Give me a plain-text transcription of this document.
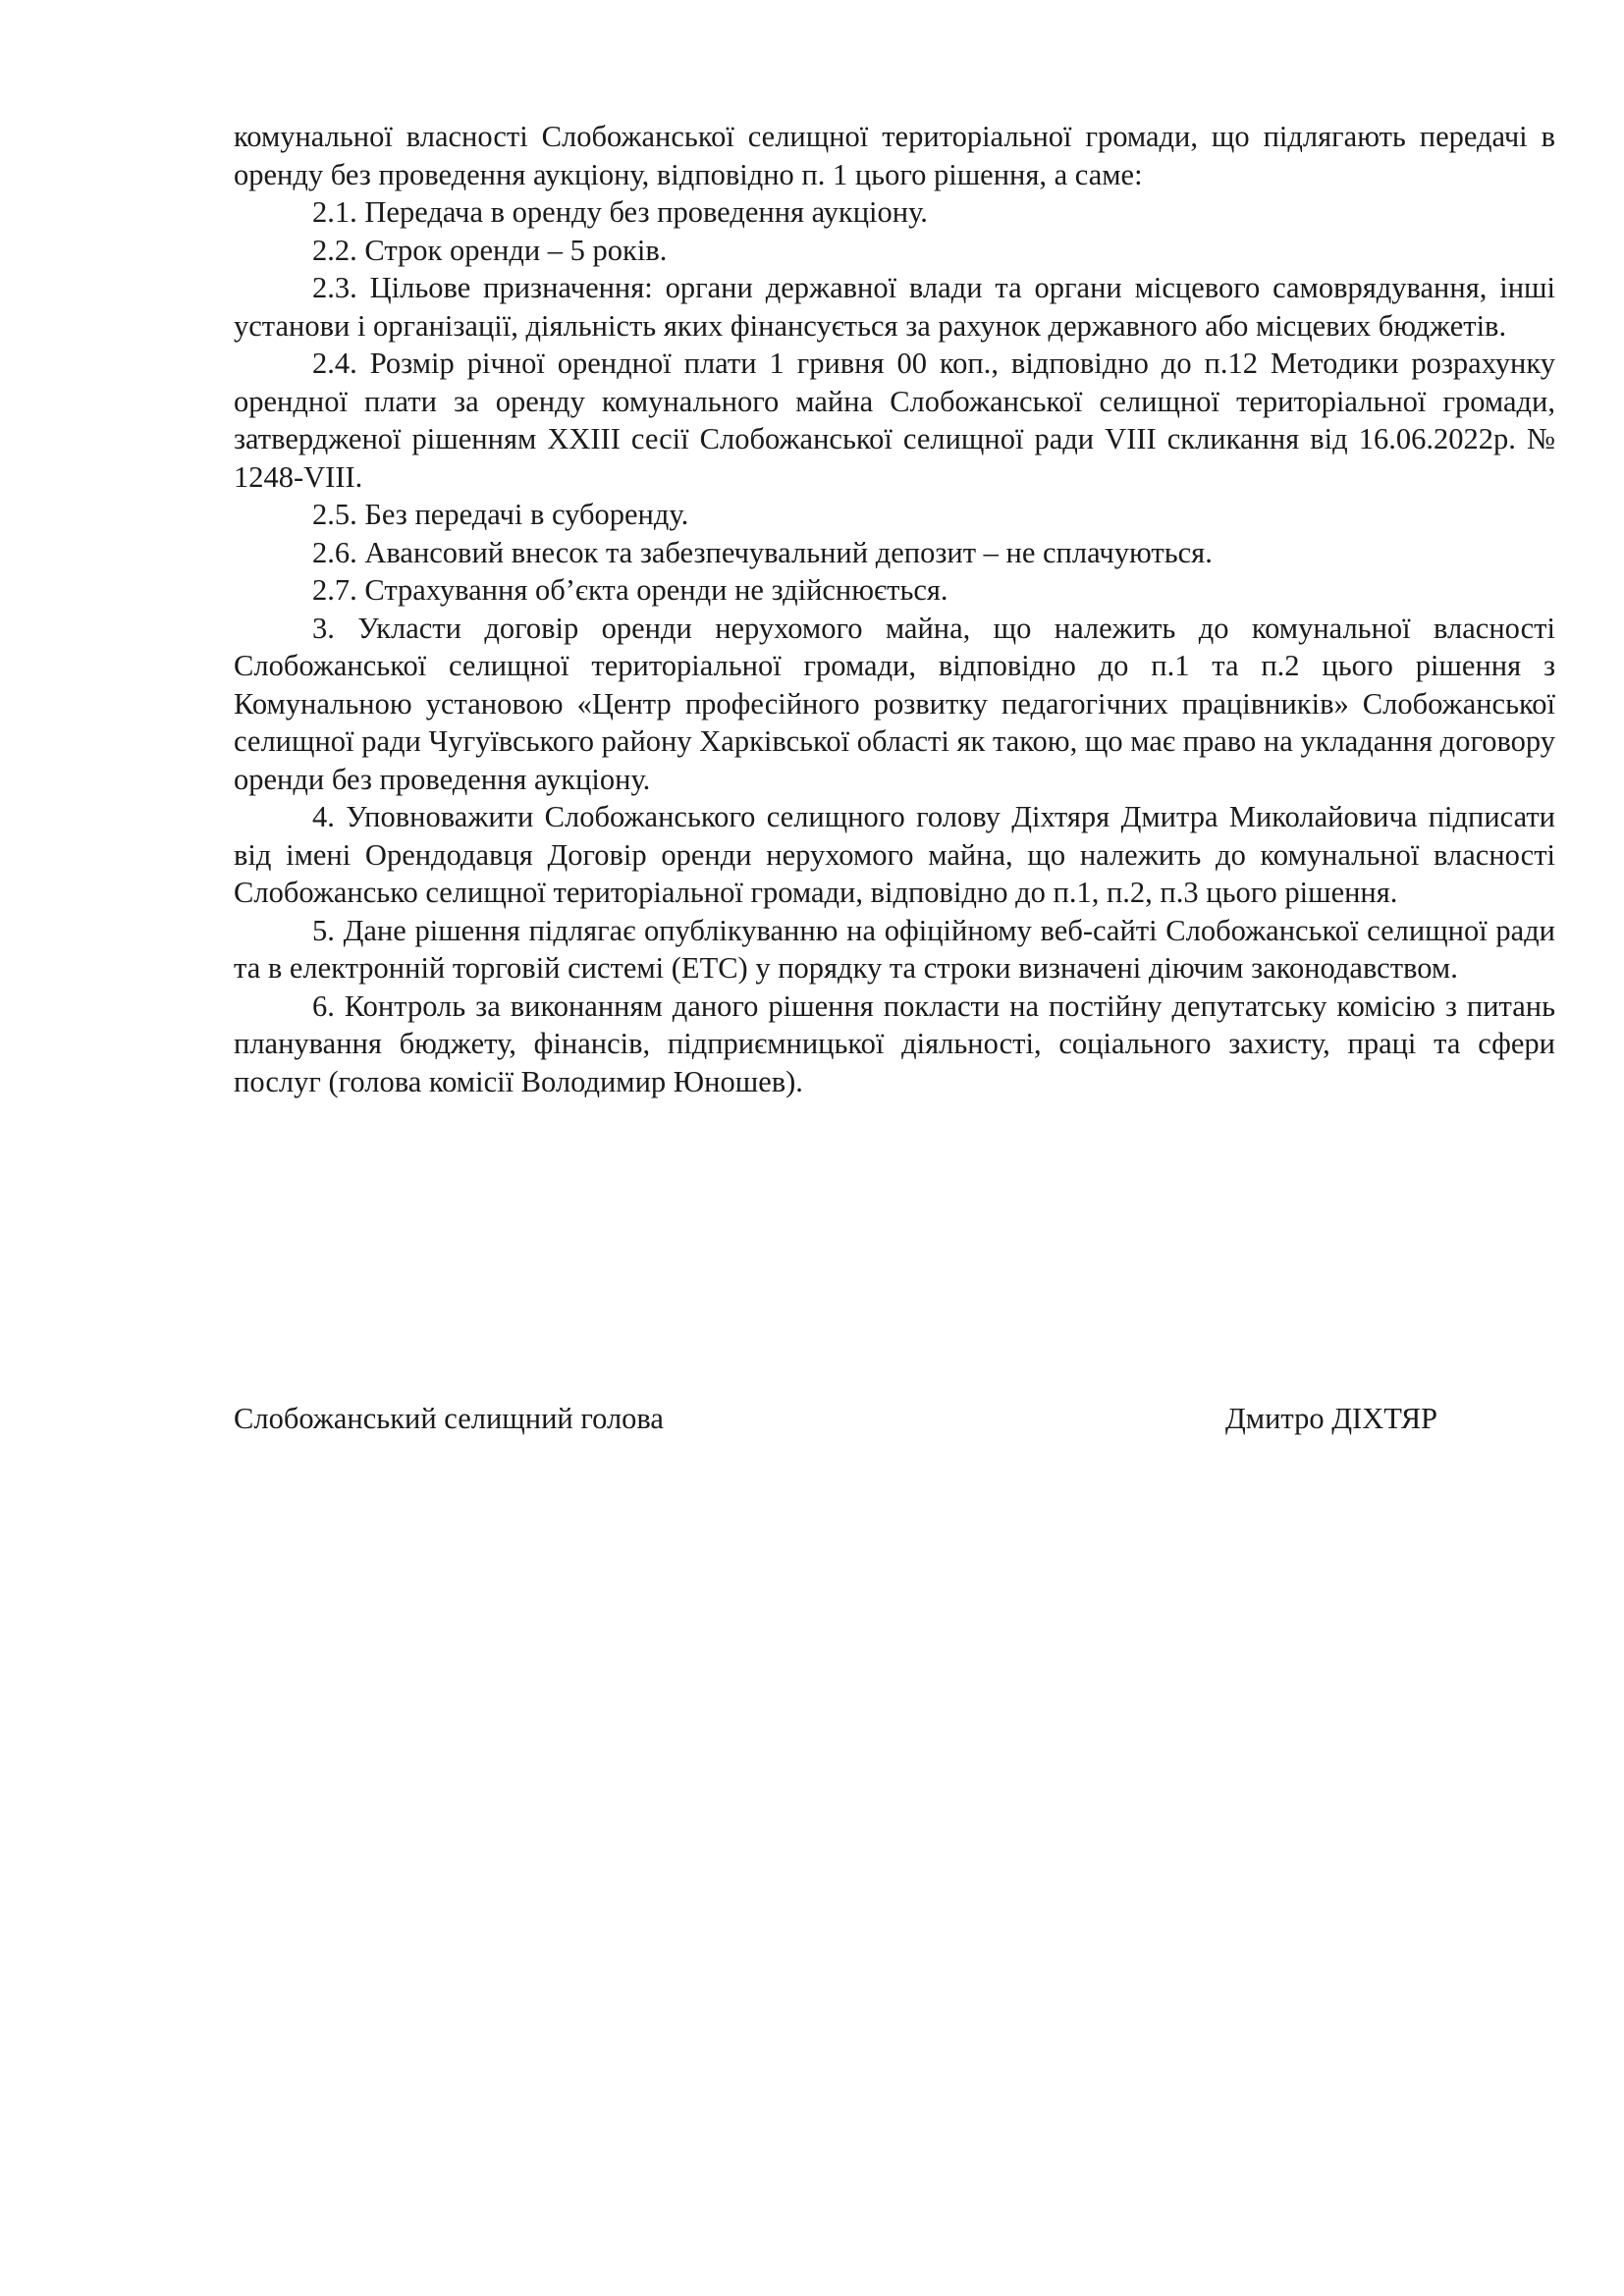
комунальної власності Слобожанської селищної територіальної громади, що підлягають передачі в оренду без проведення аукціону, відповідно п. 1 цього рішення, а саме:

2.1. Передача в оренду без проведення аукціону.

2.2. Строк оренди – 5 років.

2.3. Цільове призначення: органи державної влади та органи місцевого самоврядування, інші установи і організації, діяльність яких фінансується за рахунок державного або місцевих бюджетів.

2.4. Розмір річної орендної плати 1 гривня 00 коп., відповідно до п.12 Методики розрахунку орендної плати за оренду комунального майна Слобожанської селищної територіальної громади, затвердженої рішенням XXIII сесії Слобожанської селищної ради VIII скликання від 16.06.2022р. № 1248-VIII.

2.5. Без передачі в суборенду.

2.6. Авансовий внесок та забезпечувальний депозит – не сплачуються.

2.7. Страхування об’єкта оренди не здійснюється.

3. Укласти договір оренди нерухомого майна, що належить до комунальної власності Слобожанської селищної територіальної громади, відповідно до п.1 та п.2 цього рішення з Комунальною установою «Центр професійного розвитку педагогічних працівників» Слобожанської селищної ради Чугуївського району Харківської області як такою, що має право на укладання договору оренди без проведення аукціону.

4. Уповноважити Слобожанського селищного голову Діхтяря Дмитра Миколайовича підписати від імені Орендодавця Договір оренди нерухомого майна, що належить до комунальної власності Слобожансько селищної територіальної громади, відповідно до п.1, п.2, п.3 цього рішення.

5. Дане рішення підлягає опублікуванню на офіційному веб-сайті Слобожанської селищної ради та в електронній торговій системі (ЕТС) у порядку та строки визначені діючим законодавством.

6. Контроль за виконанням даного рішення покласти на постійну депутатську комісію з питань планування бюджету, фінансів, підприємницької діяльності, соціального захисту, праці та сфери послуг (голова комісії Володимир Юношев).

Слобожанський селищний голова	Дмитро ДІХТЯР
